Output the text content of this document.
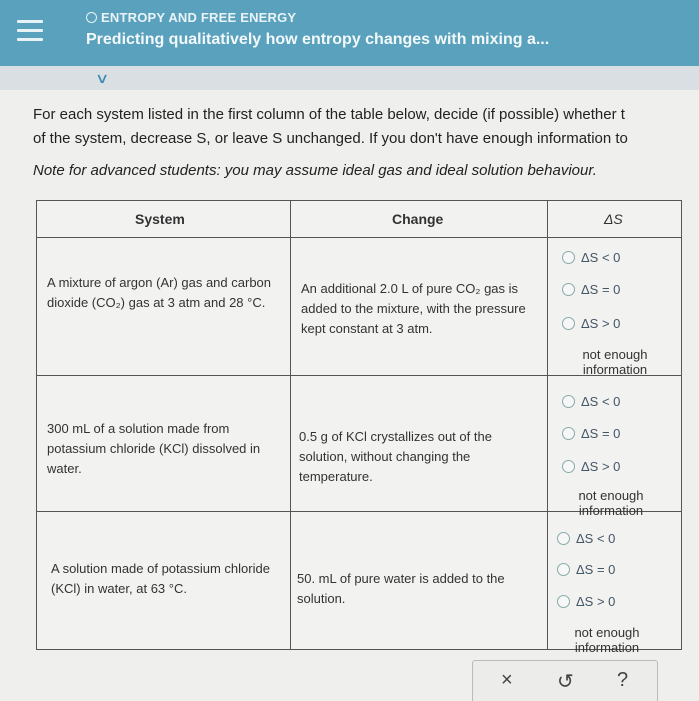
ENTROPY AND FREE ENERGY
Predicting qualitatively how entropy changes with mixing a...
∨
For each system listed in the first column of the table below, decide (if possible) whether t
of the system, decrease S, or leave S unchanged. If you don't have enough information to
Note for advanced students: you may assume ideal gas and ideal solution behaviour.
System	Change	ΔS
A mixture of argon (Ar) gas and carbon dioxide (CO₂) gas at 3 atm and 28 °C.
An additional 2.0 L of pure CO₂ gas is added to the mixture, with the pressure kept constant at 3 atm.
ΔS < 0
ΔS = 0
ΔS > 0
not enough information
300 mL of a solution made from potassium chloride (KCl) dissolved in water.
0.5 g of KCl crystallizes out of the solution, without changing the temperature.
ΔS < 0
ΔS = 0
ΔS > 0
not enough information
A solution made of potassium chloride (KCl) in water, at 63 °C.
50. mL of pure water is added to the solution.
ΔS < 0
ΔS = 0
ΔS > 0
not enough information
× ↺ ?
